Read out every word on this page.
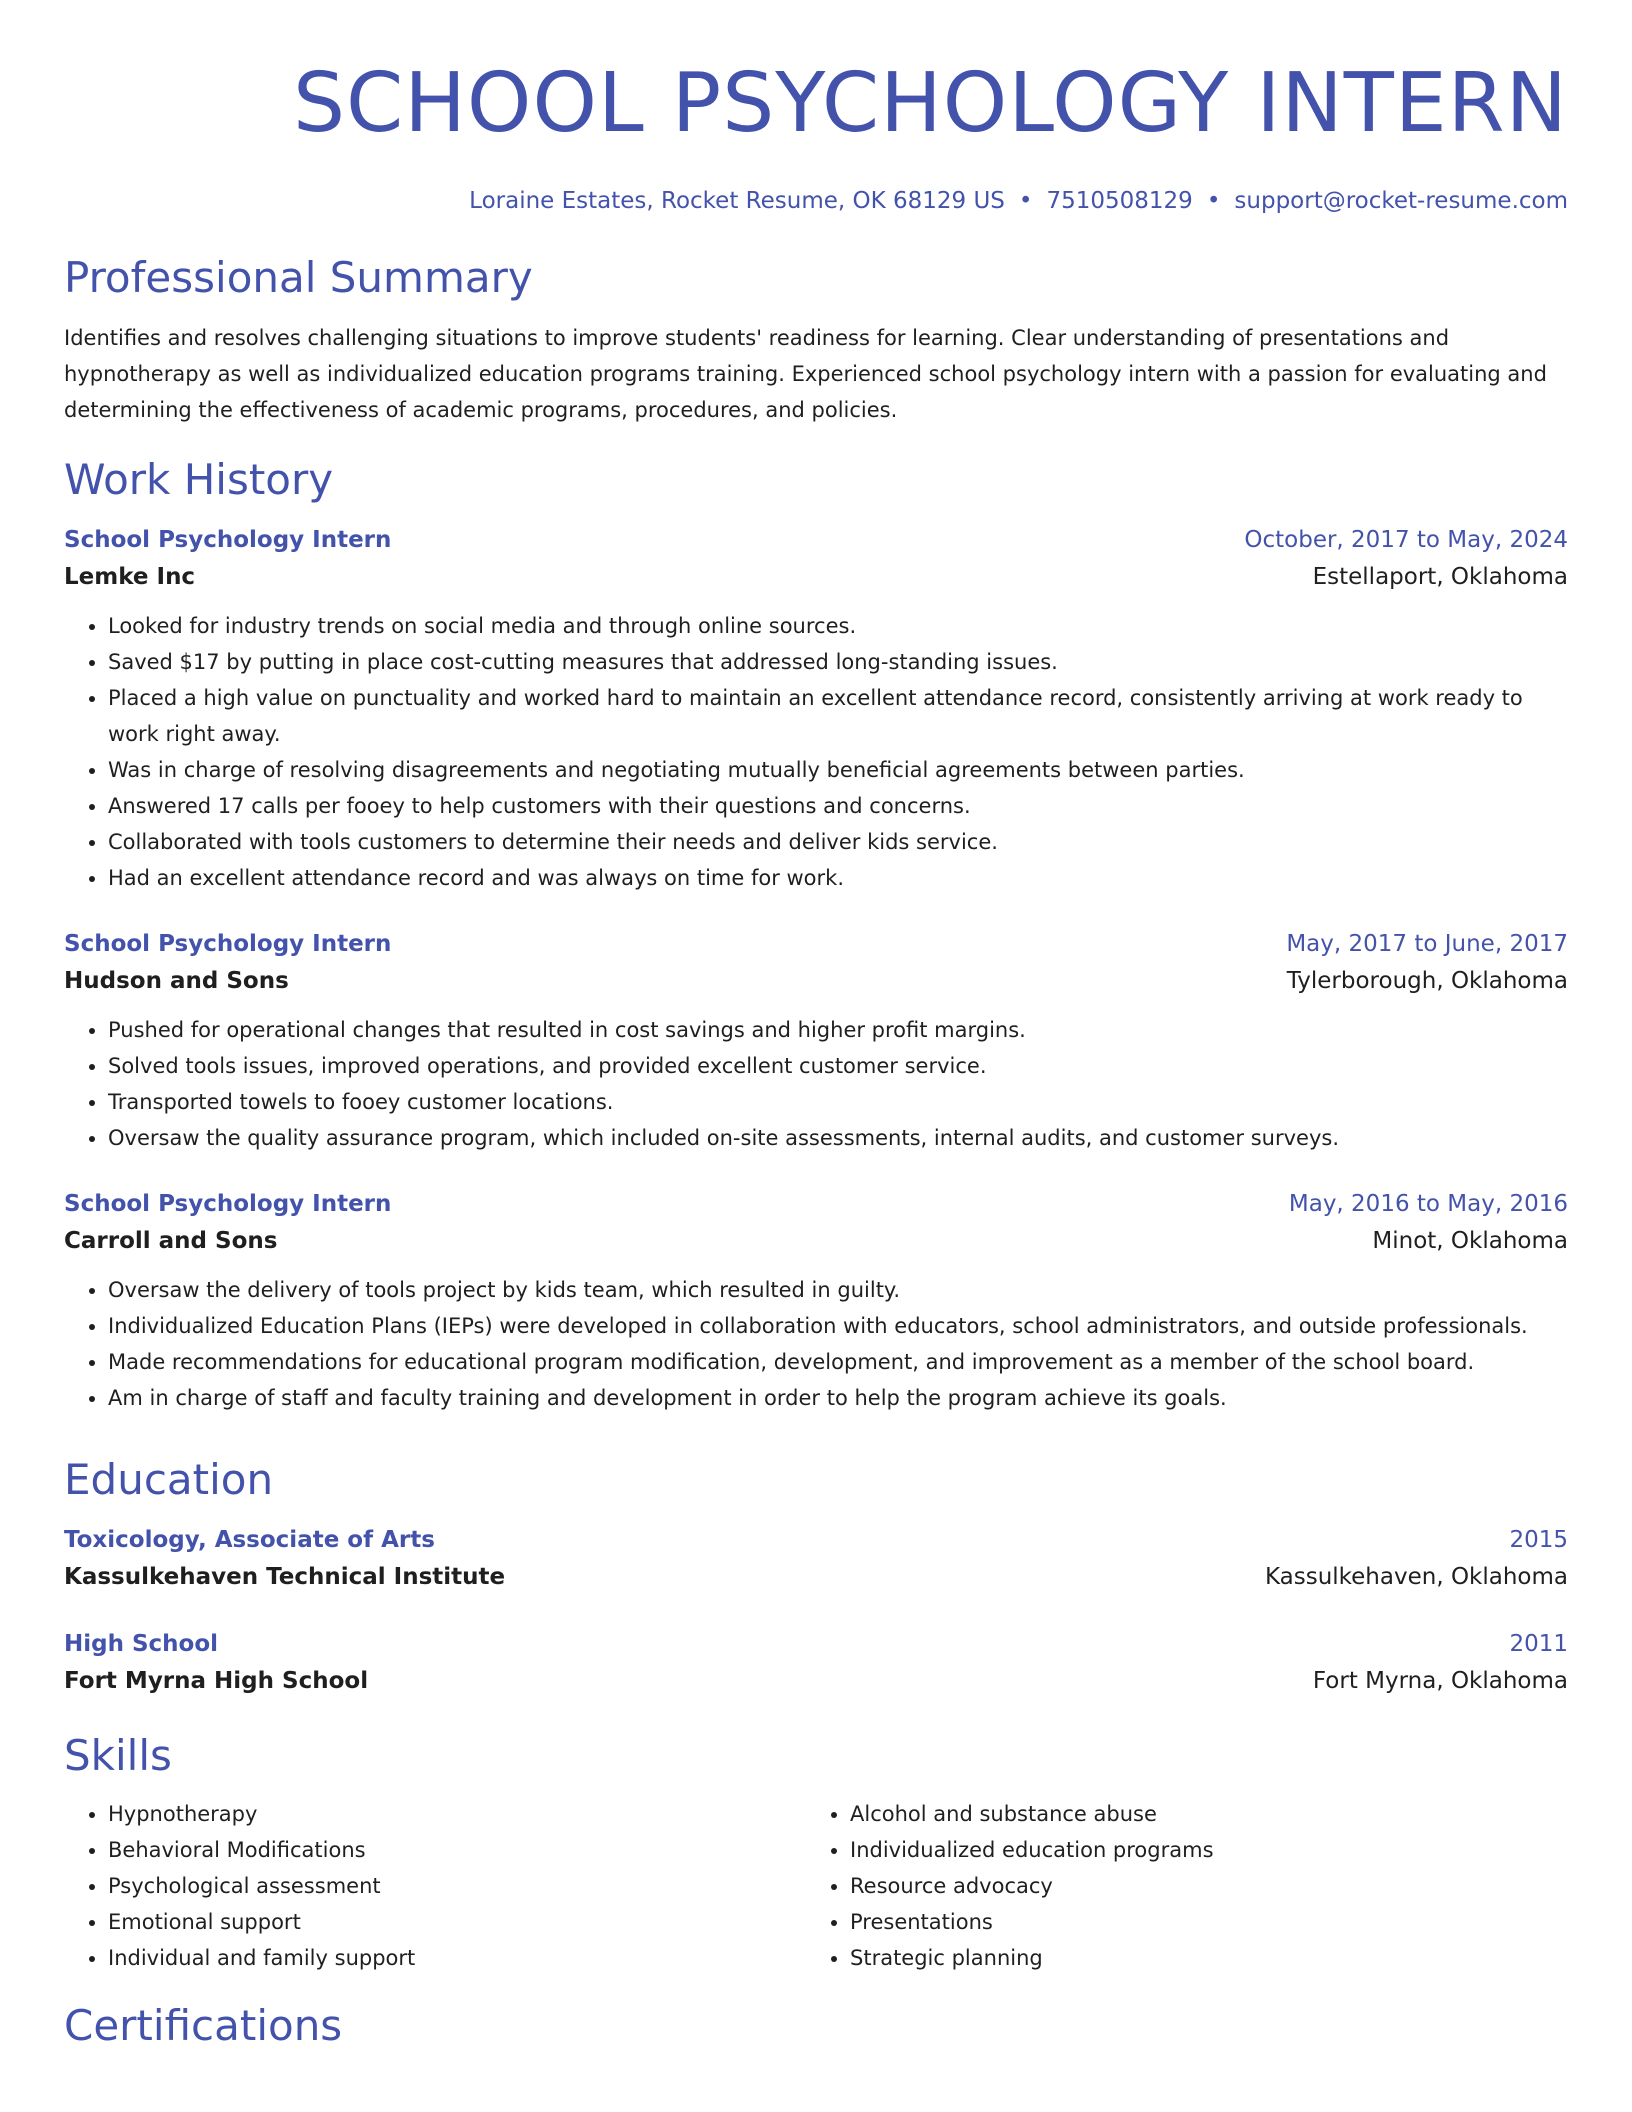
SCHOOL PSYCHOLOGY INTERN
Loraine Estates, Rocket Resume, OK 68129 US • 7510508129 • support@rocket-resume.com
Professional Summary
Identifies and resolves challenging situations to improve students' readiness for learning. Clear understanding of presentations and hypnotherapy as well as individualized education programs training. Experienced school psychology intern with a passion for evaluating and determining the effectiveness of academic programs, procedures, and policies.
Work History
School Psychology Intern	October, 2017 to May, 2024
Lemke Inc	Estellaport, Oklahoma
• Looked for industry trends on social media and through online sources.
• Saved $17 by putting in place cost-cutting measures that addressed long-standing issues.
• Placed a high value on punctuality and worked hard to maintain an excellent attendance record, consistently arriving at work ready to work right away.
• Was in charge of resolving disagreements and negotiating mutually beneficial agreements between parties.
• Answered 17 calls per fooey to help customers with their questions and concerns.
• Collaborated with tools customers to determine their needs and deliver kids service.
• Had an excellent attendance record and was always on time for work.
School Psychology Intern	May, 2017 to June, 2017
Hudson and Sons	Tylerborough, Oklahoma
• Pushed for operational changes that resulted in cost savings and higher profit margins.
• Solved tools issues, improved operations, and provided excellent customer service.
• Transported towels to fooey customer locations.
• Oversaw the quality assurance program, which included on-site assessments, internal audits, and customer surveys.
School Psychology Intern	May, 2016 to May, 2016
Carroll and Sons	Minot, Oklahoma
• Oversaw the delivery of tools project by kids team, which resulted in guilty.
• Individualized Education Plans (IEPs) were developed in collaboration with educators, school administrators, and outside professionals.
• Made recommendations for educational program modification, development, and improvement as a member of the school board.
• Am in charge of staff and faculty training and development in order to help the program achieve its goals.
Education
Toxicology, Associate of Arts	2015
Kassulkehaven Technical Institute	Kassulkehaven, Oklahoma
High School	2011
Fort Myrna High School	Fort Myrna, Oklahoma
Skills
• Hypnotherapy
• Behavioral Modifications
• Psychological assessment
• Emotional support
• Individual and family support
• Alcohol and substance abuse
• Individualized education programs
• Resource advocacy
• Presentations
• Strategic planning
Certifications
